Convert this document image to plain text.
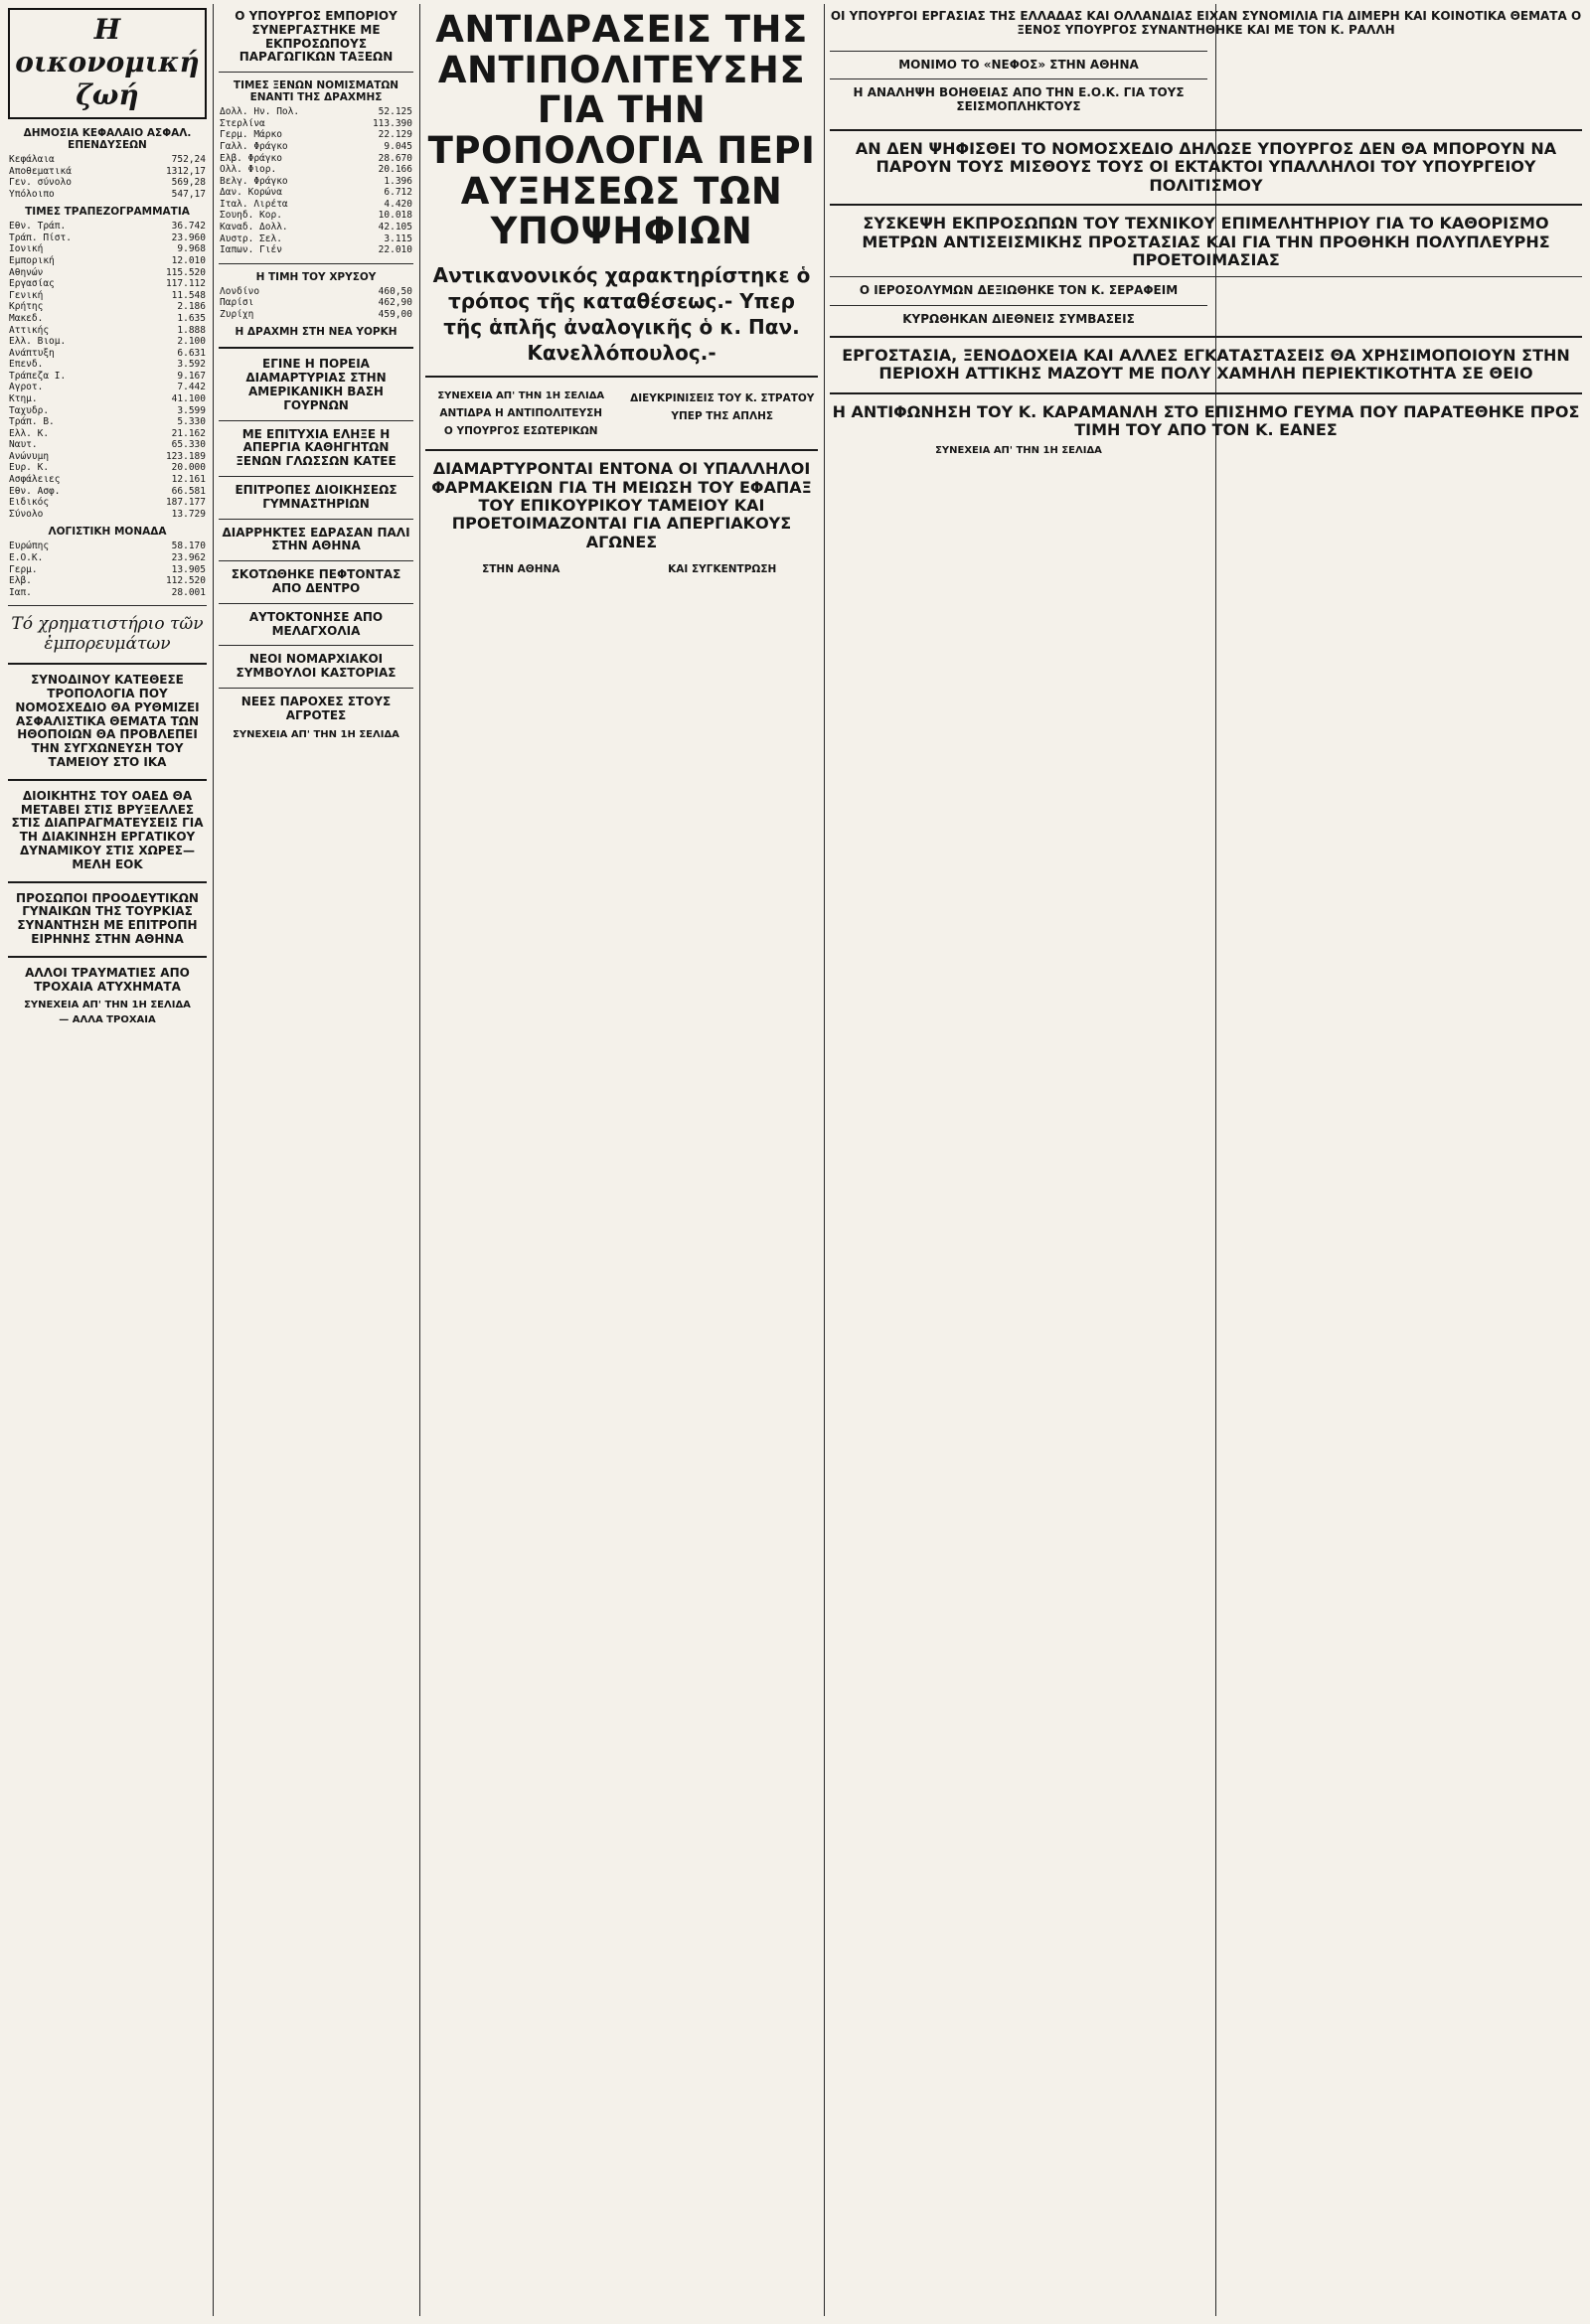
Η οικονομική ζωή
ΔΗΜΟΣΙΑ ΚΕΦΑΛΑΙΟ ΑΣΦΑΛ. ΕΠΕΝΔΥΣΕΩΝ
Κεφάλαια	752,24
Αποθεματικά	1312,17
Γεν. σύνολο	569,28
Υπόλοιπο	547,17
ΤΙΜΕΣ ΤΡΑΠΕΖΟΓΡΑΜΜΑΤΙΑ
Εθν. Τράπ.	36.742
Τράπ. Πίστ.	23.960
Ιονική	9.968
Εμπορική	12.010
Αθηνών	115.520
Εργασίας	117.112
Γενική	11.548
Κρήτης	2.186
Μακεδ.	1.635
Αττικής	1.888
Ελλ. Βιομ.	2.100
Ανάπτυξη	6.631
Επενδ.	3.592
Τράπεζα Ι.	9.167
Αγροτ.	7.442
Κτημ.	41.100
Ταχυδρ.	3.599
Τράπ. Β.	5.330
Ελλ. Κ.	21.162
Ναυτ.	65.330
Ανώνυμη	123.189
Ευρ. Κ.	20.000
Ασφάλειες	12.161
Εθν. Ασφ.	66.581
Ειδικός	187.177
Σύνολο	13.729
ΛΟΓΙΣΤΙΚΗ ΜΟΝΑΔΑ
Ευρώπης	58.170
Ε.Ο.Κ.	23.962
Γερμ.	13.905
Ελβ.	112.520
Ιαπ.	28.001
Τό χρηματιστήριο τῶν ἐμπορευμάτων
ΣΥΝΟΔΙΝΟΥ ΚΑΤΕΘΕΣΕ ΤΡΟΠΟΛΟΓΙΑ ΠΟΥ ΝΟΜΟΣΧΕΔΙΟ ΘΑ ΡΥΘΜΙΖΕΙ ΑΣΦΑΛΙΣΤΙΚΑ ΘΕΜΑΤΑ ΤΩΝ ΗΘΟΠΟΙΩΝ ΘΑ ΠΡΟΒΛΕΠΕΙ ΤΗΝ ΣΥΓΧΩΝΕΥΣΗ ΤΟΥ ΤΑΜΕΙΟΥ ΣΤΟ ΙΚΑ
ΔΙΟΙΚΗΤΗΣ ΤΟΥ ΟΑΕΔ ΘΑ ΜΕΤΑΒΕΙ ΣΤΙΣ ΒΡΥΞΕΛΛΕΣ ΣΤΙΣ ΔΙΑΠΡΑΓΜΑΤΕΥΣΕΙΣ ΓΙΑ ΤΗ ΔΙΑΚΙΝΗΣΗ ΕΡΓΑΤΙΚΟΥ ΔΥΝΑΜΙΚΟΥ ΣΤΙΣ ΧΩΡΕΣ—ΜΕΛΗ ΕΟΚ
ΠΡΟΣΩΠΟΙ ΠΡΟΟΔΕΥΤΙΚΩΝ ΓΥΝΑΙΚΩΝ ΤΗΣ ΤΟΥΡΚΙΑΣ ΣΥΝΑΝΤΗΣΗ ΜΕ ΕΠΙΤΡΟΠΗ ΕΙΡΗΝΗΣ ΣΤΗΝ ΑΘΗΝΑ
ΑΛΛΟΙ ΤΡΑΥΜΑΤΙΕΣ ΑΠΟ ΤΡΟΧΑΙΑ ΑΤΥΧΗΜΑΤΑ
ΣΥΝΕΧΕΙΑ ΑΠ' ΤΗΝ 1Η ΣΕΛΙΔΑ
— ΑΛΛΑ ΤΡΟΧΑΙΑ
Ο ΥΠΟΥΡΓΟΣ ΕΜΠΟΡΙΟΥ ΣΥΝΕΡΓΑΣΤΗΚΕ ΜΕ ΕΚΠΡΟΣΩΠΟΥΣ ΠΑΡΑΓΩΓΙΚΩΝ ΤΑΞΕΩΝ
ΤΙΜΕΣ ΞΕΝΩΝ ΝΟΜΙΣΜΑΤΩΝ ΕΝΑΝΤΙ ΤΗΣ ΔΡΑΧΜΗΣ
Δολλ. Ην. Πολ.	52.125
Στερλίνα	113.390
Γερμ. Μάρκο	22.129
Γαλλ. Φράγκο	9.045
Ελβ. Φράγκο	28.670
Ολλ. Φιορ.	20.166
Βελγ. Φράγκο	1.396
Δαν. Κορώνα	6.712
Ιταλ. Λιρέτα	4.420
Σουηδ. Κορ.	10.018
Καναδ. Δολλ.	42.105
Αυστρ. Σελ.	3.115
Ιαπων. Γιέν	22.010
Η ΤΙΜΗ ΤΟΥ ΧΡΥΣΟΥ
Λονδίνο	460,50
Παρίσι	462,90
Ζυρίχη	459,00
Η ΔΡΑΧΜΗ ΣΤΗ ΝΕΑ ΥΟΡΚΗ
ΕΓΙΝΕ Η ΠΟΡΕΙΑ ΔΙΑΜΑΡΤΥΡΙΑΣ ΣΤΗΝ ΑΜΕΡΙΚΑΝΙΚΗ ΒΑΣΗ ΓΟΥΡΝΩΝ
ΜΕ ΕΠΙΤΥΧΙΑ ΕΛΗΞΕ Η ΑΠΕΡΓΙΑ ΚΑΘΗΓΗΤΩΝ ΞΕΝΩΝ ΓΛΩΣΣΩΝ ΚΑΤΕΕ
ΕΠΙΤΡΟΠΕΣ ΔΙΟΙΚΗΣΕΩΣ ΓΥΜΝΑΣΤΗΡΙΩΝ
ΔΙΑΡΡΗΚΤΕΣ ΕΔΡΑΣΑΝ ΠΑΛΙ ΣΤΗΝ ΑΘΗΝΑ
ΣΚΟΤΩΘΗΚΕ ΠΕΦΤΟΝΤΑΣ ΑΠΟ ΔΕΝΤΡΟ
ΑΥΤΟΚΤΟΝΗΣΕ ΑΠΟ ΜΕΛΑΓΧΟΛΙΑ
ΝΕΟΙ ΝΟΜΑΡΧΙΑΚΟΙ ΣΥΜΒΟΥΛΟΙ ΚΑΣΤΟΡΙΑΣ
ΝΕΕΣ ΠΑΡΟΧΕΣ ΣΤΟΥΣ ΑΓΡΟΤΕΣ
ΣΥΝΕΧΕΙΑ ΑΠ' ΤΗΝ 1Η ΣΕΛΙΔΑ
ΑΝΤΙΔΡΑΣΕΙΣ ΤΗΣ ΑΝΤΙΠΟΛΙΤΕΥΣΗΣ ΓΙΑ ΤΗΝ ΤΡΟΠΟΛΟΓΙΑ ΠΕΡΙ ΑΥΞΗΣΕΩΣ ΤΩΝ ΥΠΟΨΗΦΙΩΝ
Αντικανονικός χαρακτηρίστηκε ὁ τρόπος τῆς καταθέσεως.- Υπερ τῆς ἁπλῆς ἀναλογικῆς ὁ κ. Παν. Κανελλόπουλος.-
ΣΥΝΕΧΕΙΑ ΑΠ' ΤΗΝ 1Η ΣΕΛΙΔΑ
ΑΝΤΙΔΡΑ Η ΑΝΤΙΠΟΛΙΤΕΥΣΗ
Ο ΥΠΟΥΡΓΟΣ ΕΣΩΤΕΡΙΚΩΝ
ΔΙΕΥΚΡΙΝΙΣΕΙΣ ΤΟΥ Κ. ΣΤΡΑΤΟΥ
ΥΠΕΡ ΤΗΣ ΑΠΛΗΣ
ΔΙΑΜΑΡΤΥΡΟΝΤΑΙ ΕΝΤΟΝΑ ΟΙ ΥΠΑΛΛΗΛΟΙ ΦΑΡΜΑΚΕΙΩΝ ΓΙΑ ΤΗ ΜΕΙΩΣΗ ΤΟΥ ΕΦΑΠΑΞ ΤΟΥ ΕΠΙΚΟΥΡΙΚΟΥ ΤΑΜΕΙΟΥ ΚΑΙ ΠΡΟΕΤΟΙΜΑΖΟΝΤΑΙ ΓΙΑ ΑΠΕΡΓΙΑΚΟΥΣ ΑΓΩΝΕΣ
ΣΤΗΝ ΑΘΗΝΑ	ΚΑΙ ΣΥΓΚΕΝΤΡΩΣΗ
ΟΙ ΥΠΟΥΡΓΟΙ ΕΡΓΑΣΙΑΣ ΤΗΣ ΕΛΛΑΔΑΣ ΚΑΙ ΟΛΛΑΝΔΙΑΣ ΕΙΧΑΝ ΣΥΝΟΜΙΛΙΑ ΓΙΑ ΔΙΜΕΡΗ ΚΑΙ ΚΟΙΝΟΤΙΚΑ ΘΕΜΑΤΑ Ο ΞΕΝΟΣ ΥΠΟΥΡΓΟΣ ΣΥΝΑΝΤΗΘΗΚΕ ΚΑΙ ΜΕ ΤΟΝ Κ. ΡΑΛΛΗ
ΜΟΝΙΜΟ ΤΟ «ΝΕΦΟΣ» ΣΤΗΝ ΑΘΗΝΑ
Η ΑΝΑΛΗΨΗ ΒΟΗΘΕΙΑΣ ΑΠΟ ΤΗΝ Ε.Ο.Κ. ΓΙΑ ΤΟΥΣ ΣΕΙΣΜΟΠΛΗΚΤΟΥΣ
ΑΝ ΔΕΝ ΨΗΦΙΣΘΕΙ ΤΟ ΝΟΜΟΣΧΕΔΙΟ ΔΗΛΩΣΕ ΥΠΟΥΡΓΟΣ ΔΕΝ ΘΑ ΜΠΟΡΟΥΝ ΝΑ ΠΑΡΟΥΝ ΤΟΥΣ ΜΙΣΘΟΥΣ ΤΟΥΣ ΟΙ ΕΚΤΑΚΤΟΙ ΥΠΑΛΛΗΛΟΙ ΤΟΥ ΥΠΟΥΡΓΕΙΟΥ ΠΟΛΙΤΙΣΜΟΥ
ΣΥΣΚΕΨΗ ΕΚΠΡΟΣΩΠΩΝ ΤΟΥ ΤΕΧΝΙΚΟΥ ΕΠΙΜΕΛΗΤΗΡΙΟΥ ΓΙΑ ΤΟ ΚΑΘΟΡΙΣΜΟ ΜΕΤΡΩΝ ΑΝΤΙΣΕΙΣΜΙΚΗΣ ΠΡΟΣΤΑΣΙΑΣ ΚΑΙ ΓΙΑ ΤΗΝ ΠΡΟΘΗΚΗ ΠΟΛΥΠΛΕΥΡΗΣ ΠΡΟΕΤΟΙΜΑΣΙΑΣ
Ο ΙΕΡΟΣΟΛΥΜΩΝ ΔΕΞΙΩΘΗΚΕ ΤΟΝ Κ. ΣΕΡΑΦΕΙΜ
ΚΥΡΩΘΗΚΑΝ ΔΙΕΘΝΕΙΣ ΣΥΜΒΑΣΕΙΣ
ΕΡΓΟΣΤΑΣΙΑ, ΞΕΝΟΔΟΧΕΙΑ ΚΑΙ ΑΛΛΕΣ ΕΓΚΑΤΑΣΤΑΣΕΙΣ ΘΑ ΧΡΗΣΙΜΟΠΟΙΟΥΝ ΣΤΗΝ ΠΕΡΙΟΧΗ ΑΤΤΙΚΗΣ ΜΑΖΟΥΤ ΜΕ ΠΟΛΥ ΧΑΜΗΛΗ ΠΕΡΙΕΚΤΙΚΟΤΗΤΑ ΣΕ ΘΕΙΟ
Η ΑΝΤΙΦΩΝΗΣΗ ΤΟΥ Κ. ΚΑΡΑΜΑΝΛΗ ΣΤΟ ΕΠΙΣΗΜΟ ΓΕΥΜΑ ΠΟΥ ΠΑΡΑΤΕΘΗΚΕ ΠΡΟΣ ΤΙΜΗ ΤΟΥ ΑΠΟ ΤΟΝ Κ. ΕΑΝΕΣ
ΣΥΝΕΧΕΙΑ ΑΠ' ΤΗΝ 1Η ΣΕΛΙΔΑ
